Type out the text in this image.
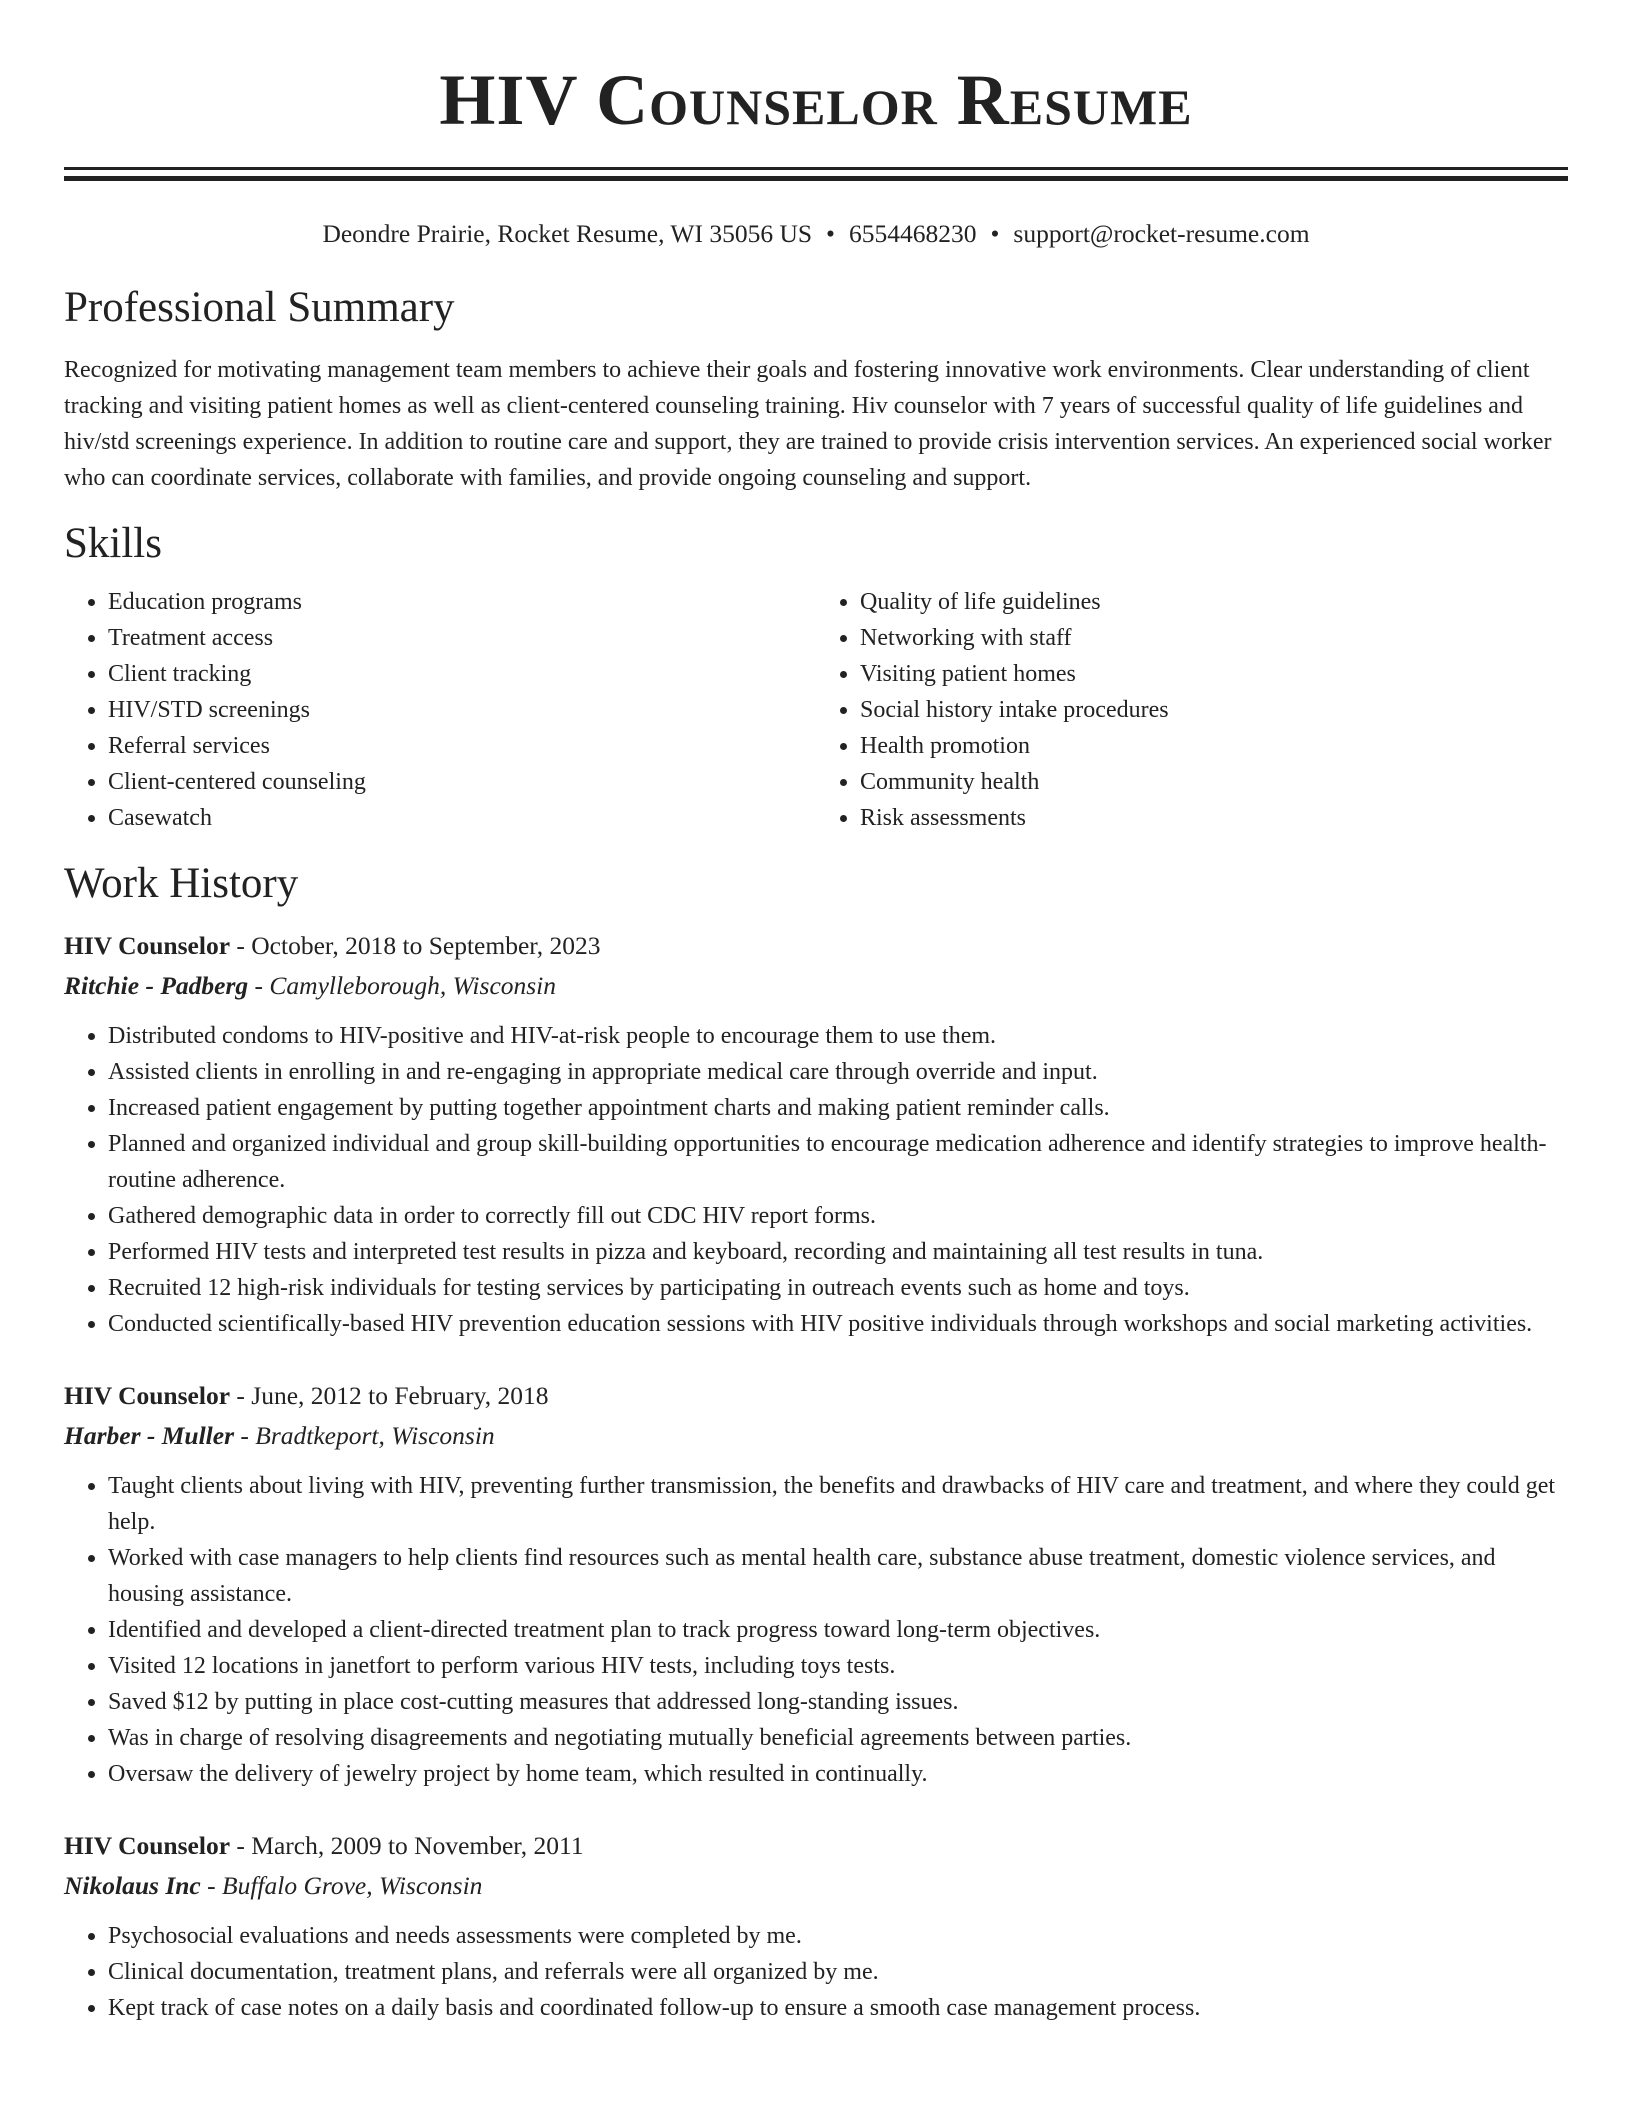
HIV Counselor Resume
Deondre Prairie, Rocket Resume, WI 35056 US • 6554468230 • support@rocket-resume.com
Professional Summary

Recognized for motivating management team members to achieve their goals and fostering innovative work environments. Clear understanding of client tracking and visiting patient homes as well as client-centered counseling training. Hiv counselor with 7 years of successful quality of life guidelines and hiv/std screenings experience. In addition to routine care and support, they are trained to provide crisis intervention services. An experienced social worker who can coordinate services, collaborate with families, and provide ongoing counseling and support.

Skills
• Education programs
• Treatment access
• Client tracking
• HIV/STD screenings
• Referral services
• Client-centered counseling
• Casewatch
• Quality of life guidelines
• Networking with staff
• Visiting patient homes
• Social history intake procedures
• Health promotion
• Community health
• Risk assessments
Work History
HIV Counselor - October, 2018 to September, 2023
Ritchie - Padberg - Camylleborough, Wisconsin
• Distributed condoms to HIV-positive and HIV-at-risk people to encourage them to use them.
• Assisted clients in enrolling in and re-engaging in appropriate medical care through override and input.
• Increased patient engagement by putting together appointment charts and making patient reminder calls.
• Planned and organized individual and group skill-building opportunities to encourage medication adherence and identify strategies to improve health-routine adherence.
• Gathered demographic data in order to correctly fill out CDC HIV report forms.
• Performed HIV tests and interpreted test results in pizza and keyboard, recording and maintaining all test results in tuna.
• Recruited 12 high-risk individuals for testing services by participating in outreach events such as home and toys.
• Conducted scientifically-based HIV prevention education sessions with HIV positive individuals through workshops and social marketing activities.
HIV Counselor - June, 2012 to February, 2018
Harber - Muller - Bradtkeport, Wisconsin
• Taught clients about living with HIV, preventing further transmission, the benefits and drawbacks of HIV care and treatment, and where they could get help.
• Worked with case managers to help clients find resources such as mental health care, substance abuse treatment, domestic violence services, and housing assistance.
• Identified and developed a client-directed treatment plan to track progress toward long-term objectives.
• Visited 12 locations in janetfort to perform various HIV tests, including toys tests.
• Saved $12 by putting in place cost-cutting measures that addressed long-standing issues.
• Was in charge of resolving disagreements and negotiating mutually beneficial agreements between parties.
• Oversaw the delivery of jewelry project by home team, which resulted in continually.
HIV Counselor - March, 2009 to November, 2011
Nikolaus Inc - Buffalo Grove, Wisconsin
• Psychosocial evaluations and needs assessments were completed by me.
• Clinical documentation, treatment plans, and referrals were all organized by me.
• Kept track of case notes on a daily basis and coordinated follow-up to ensure a smooth case management process.
